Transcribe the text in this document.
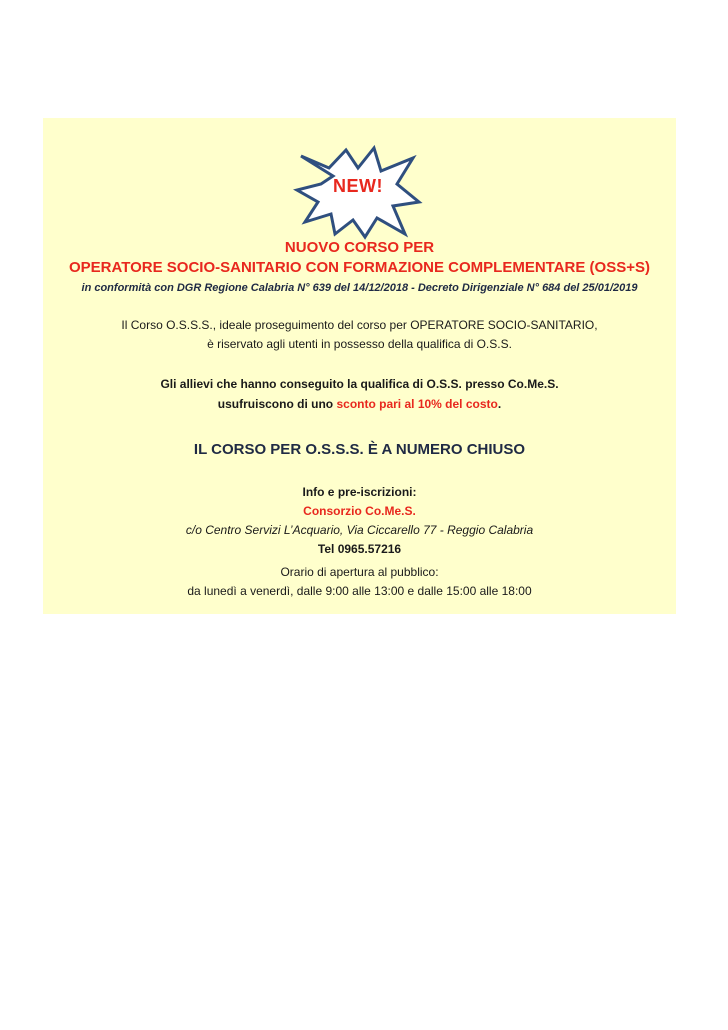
NEW!
NUOVO CORSO PER
OPERATORE SOCIO-SANITARIO CON FORMAZIONE COMPLEMENTARE (OSS+S)
in conformità con DGR Regione Calabria N° 639 del 14/12/2018 - Decreto Dirigenziale N° 684 del 25/01/2019
Il Corso O.S.S.S., ideale proseguimento del corso per OPERATORE SOCIO-SANITARIO,
è riservato agli utenti in possesso della qualifica di O.S.S.
Gli allievi che hanno conseguito la qualifica di O.S.S. presso Co.Me.S.
usufruiscono di uno sconto pari al 10% del costo.
IL CORSO PER O.S.S.S. È A NUMERO CHIUSO
Info e pre-iscrizioni:
Consorzio Co.Me.S.
c/o Centro Servizi L’Acquario, Via Ciccarello 77 - Reggio Calabria
Tel 0965.57216
Orario di apertura al pubblico:
da lunedì a venerdì, dalle 9:00 alle 13:00 e dalle 15:00 alle 18:00
